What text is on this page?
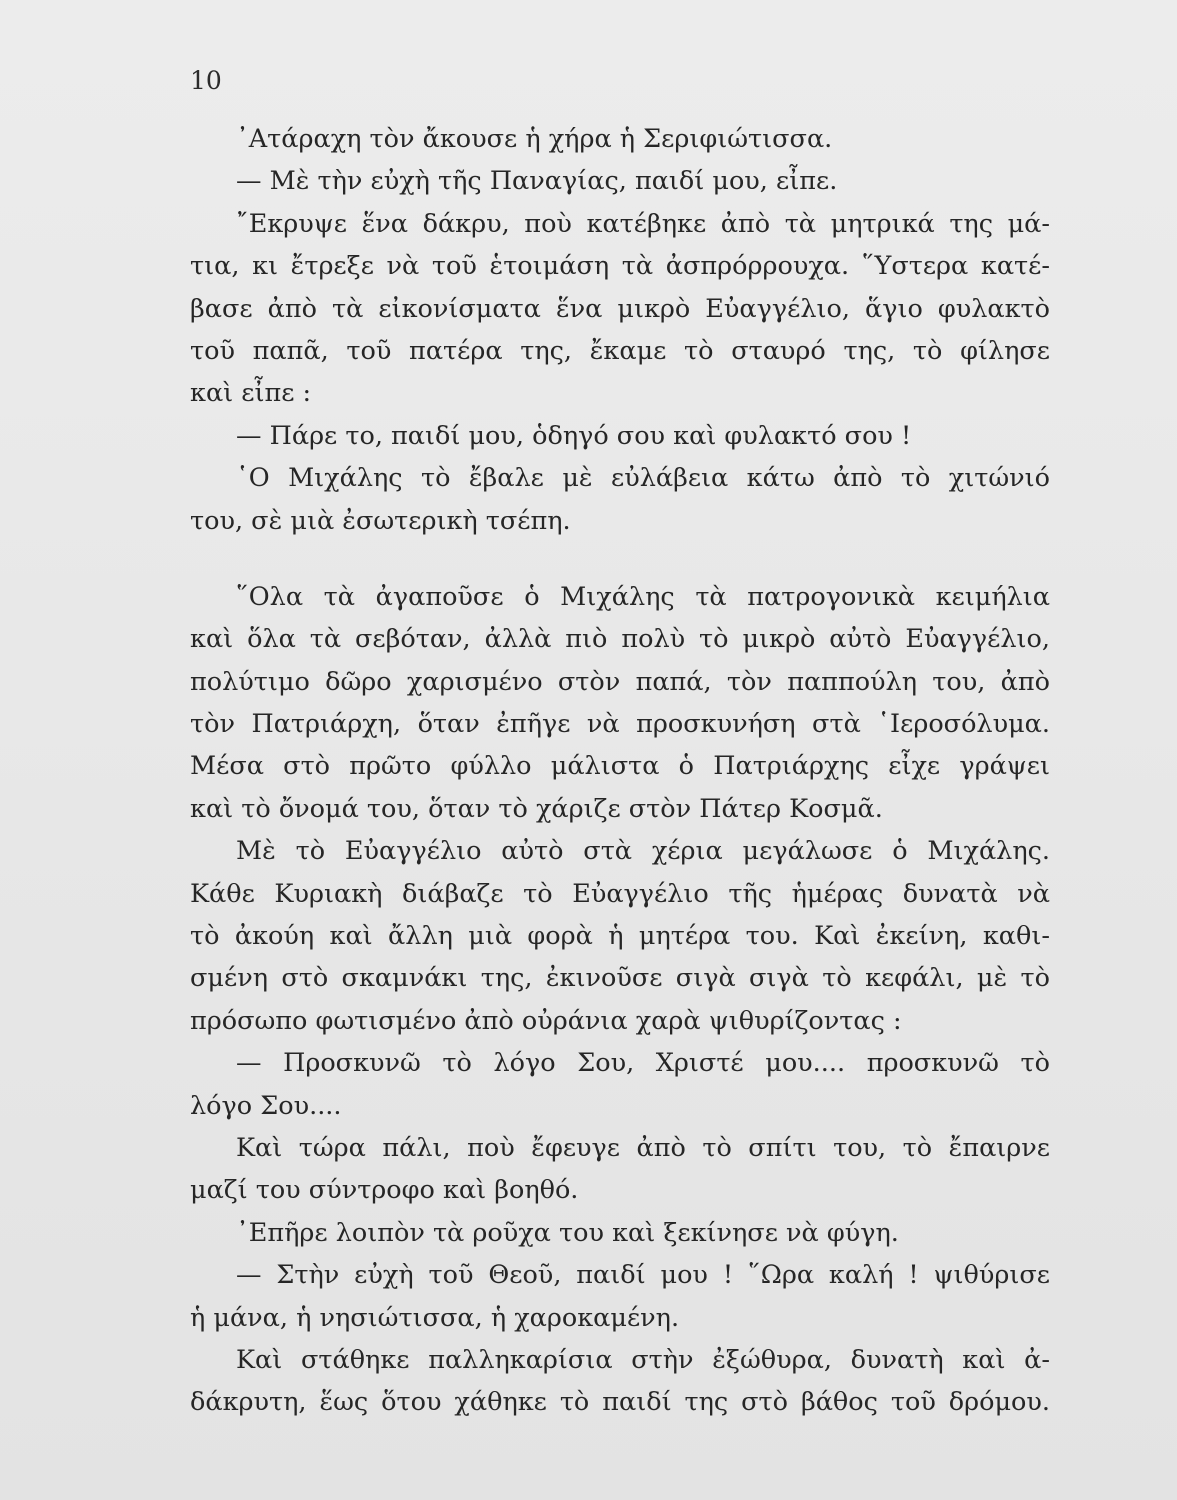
10
᾿Ατάραχη τὸν ἄκουσε ἡ χήρα ἡ Σεριφιώτισσα.
— Μὲ τὴν εὐχὴ τῆς Παναγίας, παιδί μου, εἶπε.
῎Εκρυψε ἕνα δάκρυ, ποὺ κατέβηκε ἀπὸ τὰ μητρικά της μά-
τια, κι ἔτρεξε νὰ τοῦ ἑτοιμάση τὰ ἀσπρόρρουχα. ῞Υστερα κατέ-
βασε ἀπὸ τὰ εἰκονίσματα ἕνα μικρὸ Εὐαγγέλιο, ἅγιο φυλακτὸ
τοῦ παπᾶ, τοῦ πατέρα της, ἔκαμε τὸ σταυρό της, τὸ φίλησε
καὶ εἶπε :
— Πάρε το, παιδί μου, ὁδηγό σου καὶ φυλακτό σου !
῾Ο Μιχάλης τὸ ἔβαλε μὲ εὐλάβεια κάτω ἀπὸ τὸ χιτώνιό
του, σὲ μιὰ ἐσωτερικὴ τσέπη.
῞Ολα τὰ ἀγαποῦσε ὁ Μιχάλης τὰ πατρογονικὰ κειμήλια
καὶ ὅλα τὰ σεβόταν, ἀλλὰ πιὸ πολὺ τὸ μικρὸ αὐτὸ Εὐαγγέλιο,
πολύτιμο δῶρο χαρισμένο στὸν παπά, τὸν παππούλη του, ἀπὸ
τὸν Πατριάρχη, ὅταν ἐπῆγε νὰ προσκυνήση στὰ ῾Ιεροσόλυμα.
Μέσα στὸ πρῶτο φύλλο μάλιστα ὁ Πατριάρχης εἶχε γράψει
καὶ τὸ ὄνομά του, ὅταν τὸ χάριζε στὸν Πάτερ Κοσμᾶ.
Μὲ τὸ Εὐαγγέλιο αὐτὸ στὰ χέρια μεγάλωσε ὁ Μιχάλης.
Κάθε Κυριακὴ διάβαζε τὸ Εὐαγγέλιο τῆς ἡμέρας δυνατὰ νὰ
τὸ ἀκούη καὶ ἄλλη μιὰ φορὰ ἡ μητέρα του. Καὶ ἐκείνη, καθι-
σμένη στὸ σκαμνάκι της, ἐκινοῦσε σιγὰ σιγὰ τὸ κεφάλι, μὲ τὸ
πρόσωπο φωτισμένο ἀπὸ οὐράνια χαρὰ ψιθυρίζοντας :
— Προσκυνῶ τὸ λόγο Σου, Χριστέ μου.... προσκυνῶ τὸ
λόγο Σου....
Καὶ τώρα πάλι, ποὺ ἔφευγε ἀπὸ τὸ σπίτι του, τὸ ἔπαιρνε
μαζί του σύντροφο καὶ βοηθό.
᾿Επῆρε λοιπὸν τὰ ροῦχα του καὶ ξεκίνησε νὰ φύγη.
— Στὴν εὐχὴ τοῦ Θεοῦ, παιδί μου ! ῞Ωρα καλή ! ψιθύρισε
ἡ μάνα, ἡ νησιώτισσα, ἡ χαροκαμένη.
Καὶ στάθηκε παλληκαρίσια στὴν ἐξώθυρα, δυνατὴ καὶ ἀ-
δάκρυτη, ἕως ὅτου χάθηκε τὸ παιδί της στὸ βάθος τοῦ δρόμου.
